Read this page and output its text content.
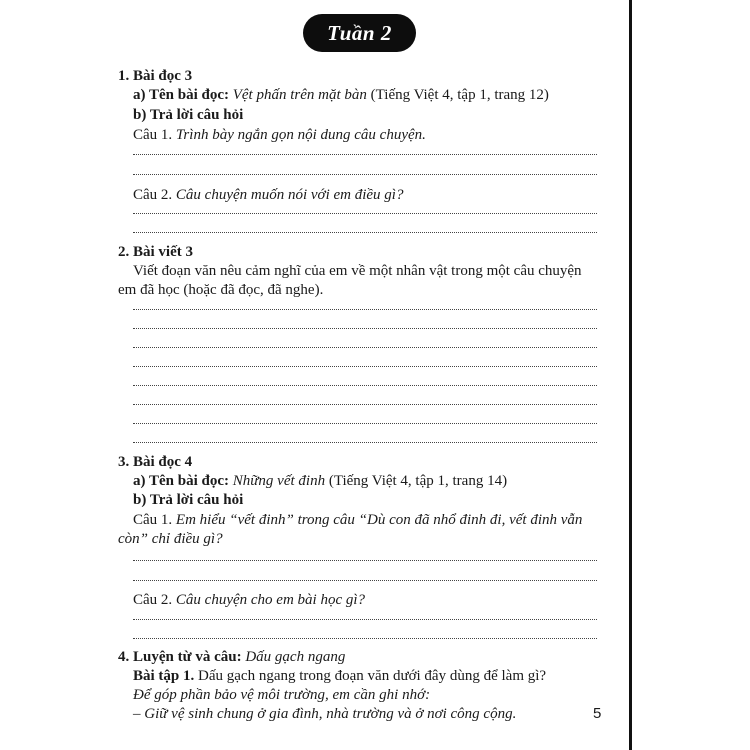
Tuần 2
1. Bài đọc 3
a) Tên bài đọc: Vệt phấn trên mặt bàn (Tiếng Việt 4, tập 1, trang 12)
b) Trả lời câu hỏi
Câu 1. Trình bày ngắn gọn nội dung câu chuyện.
Câu 2. Câu chuyện muốn nói với em điều gì?
2. Bài viết 3
Viết đoạn văn nêu cảm nghĩ của em về một nhân vật trong một câu chuyện
em đã học (hoặc đã đọc, đã nghe).
3. Bài đọc 4
a) Tên bài đọc: Những vết đinh (Tiếng Việt 4, tập 1, trang 14)
b) Trả lời câu hỏi
Câu 1. Em hiểu “vết đinh” trong câu “Dù con đã nhổ đinh đi, vết đinh vẫn
còn” chỉ điều gì?
Câu 2. Câu chuyện cho em bài học gì?
4. Luyện từ và câu: Dấu gạch ngang
Bài tập 1. Dấu gạch ngang trong đoạn văn dưới đây dùng để làm gì?
Để góp phần bảo vệ môi trường, em cần ghi nhớ:
– Giữ vệ sinh chung ở gia đình, nhà trường và ở nơi công cộng.	5
